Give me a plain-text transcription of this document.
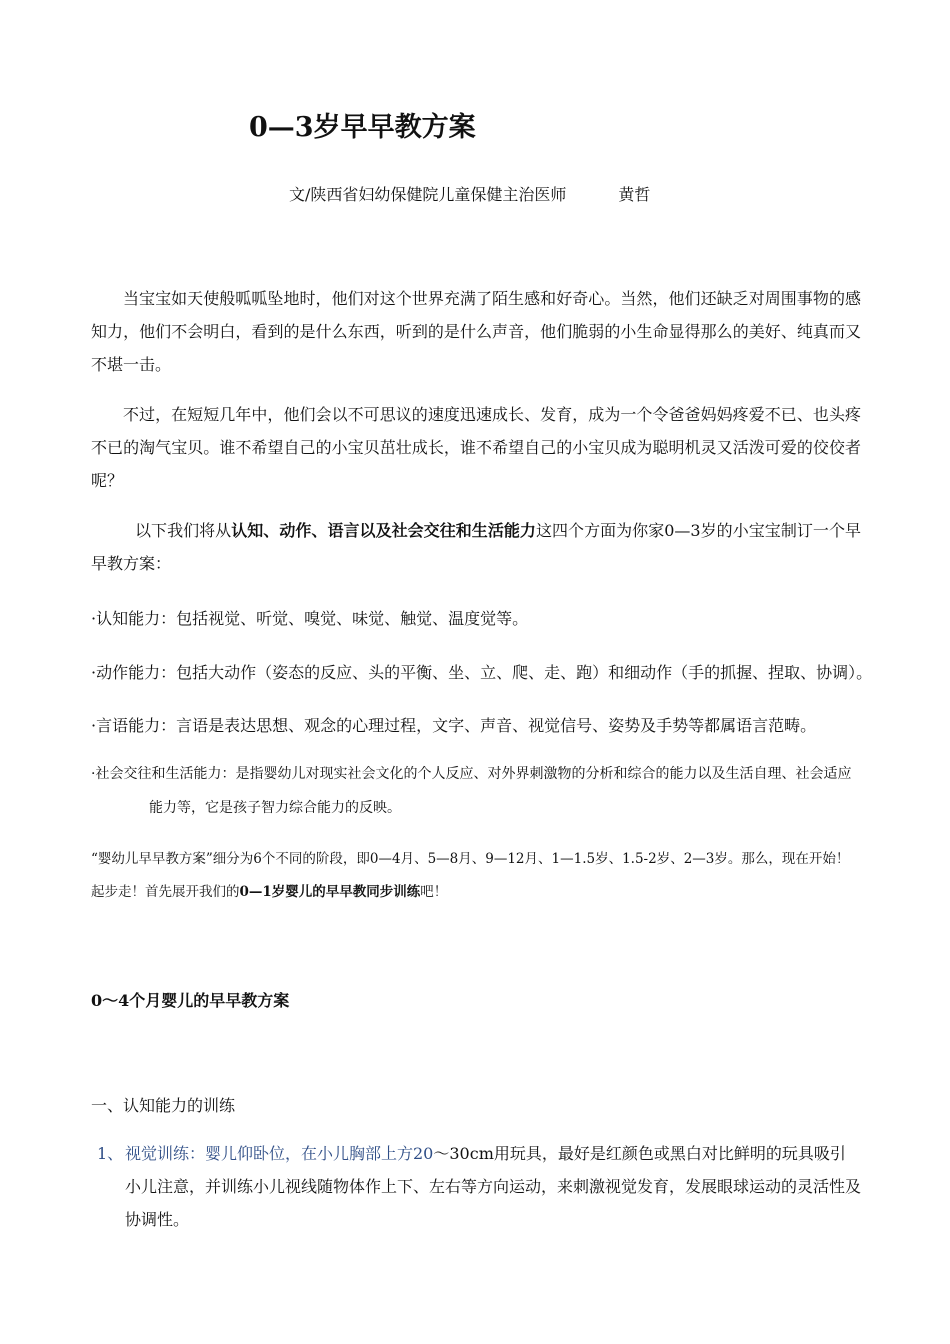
0—3岁早早教方案
文/陕西省妇幼保健院儿童保健主治医师	黄哲
当宝宝如天使般呱呱坠地时，他们对这个世界充满了陌生感和好奇心。当然，他们还缺乏对周围事物的感知力，他们不会明白，看到的是什么东西，听到的是什么声音，他们脆弱的小生命显得那么的美好、纯真而又不堪一击。
不过，在短短几年中，他们会以不可思议的速度迅速成长、发育，成为一个令爸爸妈妈疼爱不已、也头疼不已的淘气宝贝。谁不希望自己的小宝贝茁壮成长，谁不希望自己的小宝贝成为聪明机灵又活泼可爱的佼佼者呢？
以下我们将从认知、动作、语言以及社会交往和生活能力这四个方面为你家0—3岁的小宝宝制订一个早早教方案：
·认知能力：包括视觉、听觉、嗅觉、味觉、触觉、温度觉等。
·动作能力：包括大动作（姿态的反应、头的平衡、坐、立、爬、走、跑）和细动作（手的抓握、捏取、协调）。
·言语能力：言语是表达思想、观念的心理过程，文字、声音、视觉信号、姿势及手势等都属语言范畴。
·社会交往和生活能力：是指婴幼儿对现实社会文化的个人反应、对外界刺激物的分析和综合的能力以及生活自理、社会适应
能力等，它是孩子智力综合能力的反映。
“婴幼儿早早教方案”细分为6个不同的阶段，即0—4月、5—8月、9—12月、1—1.5岁、1.5-2岁、2—3岁。那么，现在开始！
起步走！首先展开我们的0—1岁婴儿的早早教同步训练吧！
0～4个月婴儿的早早教方案
一、认知能力的训练
1、 视觉训练：婴儿仰卧位，在小儿胸部上方20～30cm用玩具，最好是红颜色或黑白对比鲜明的玩具吸引小儿注意，并训练小儿视线随物体作上下、左右等方向运动，来刺激视觉发育，发展眼球运动的灵活性及协调性。
